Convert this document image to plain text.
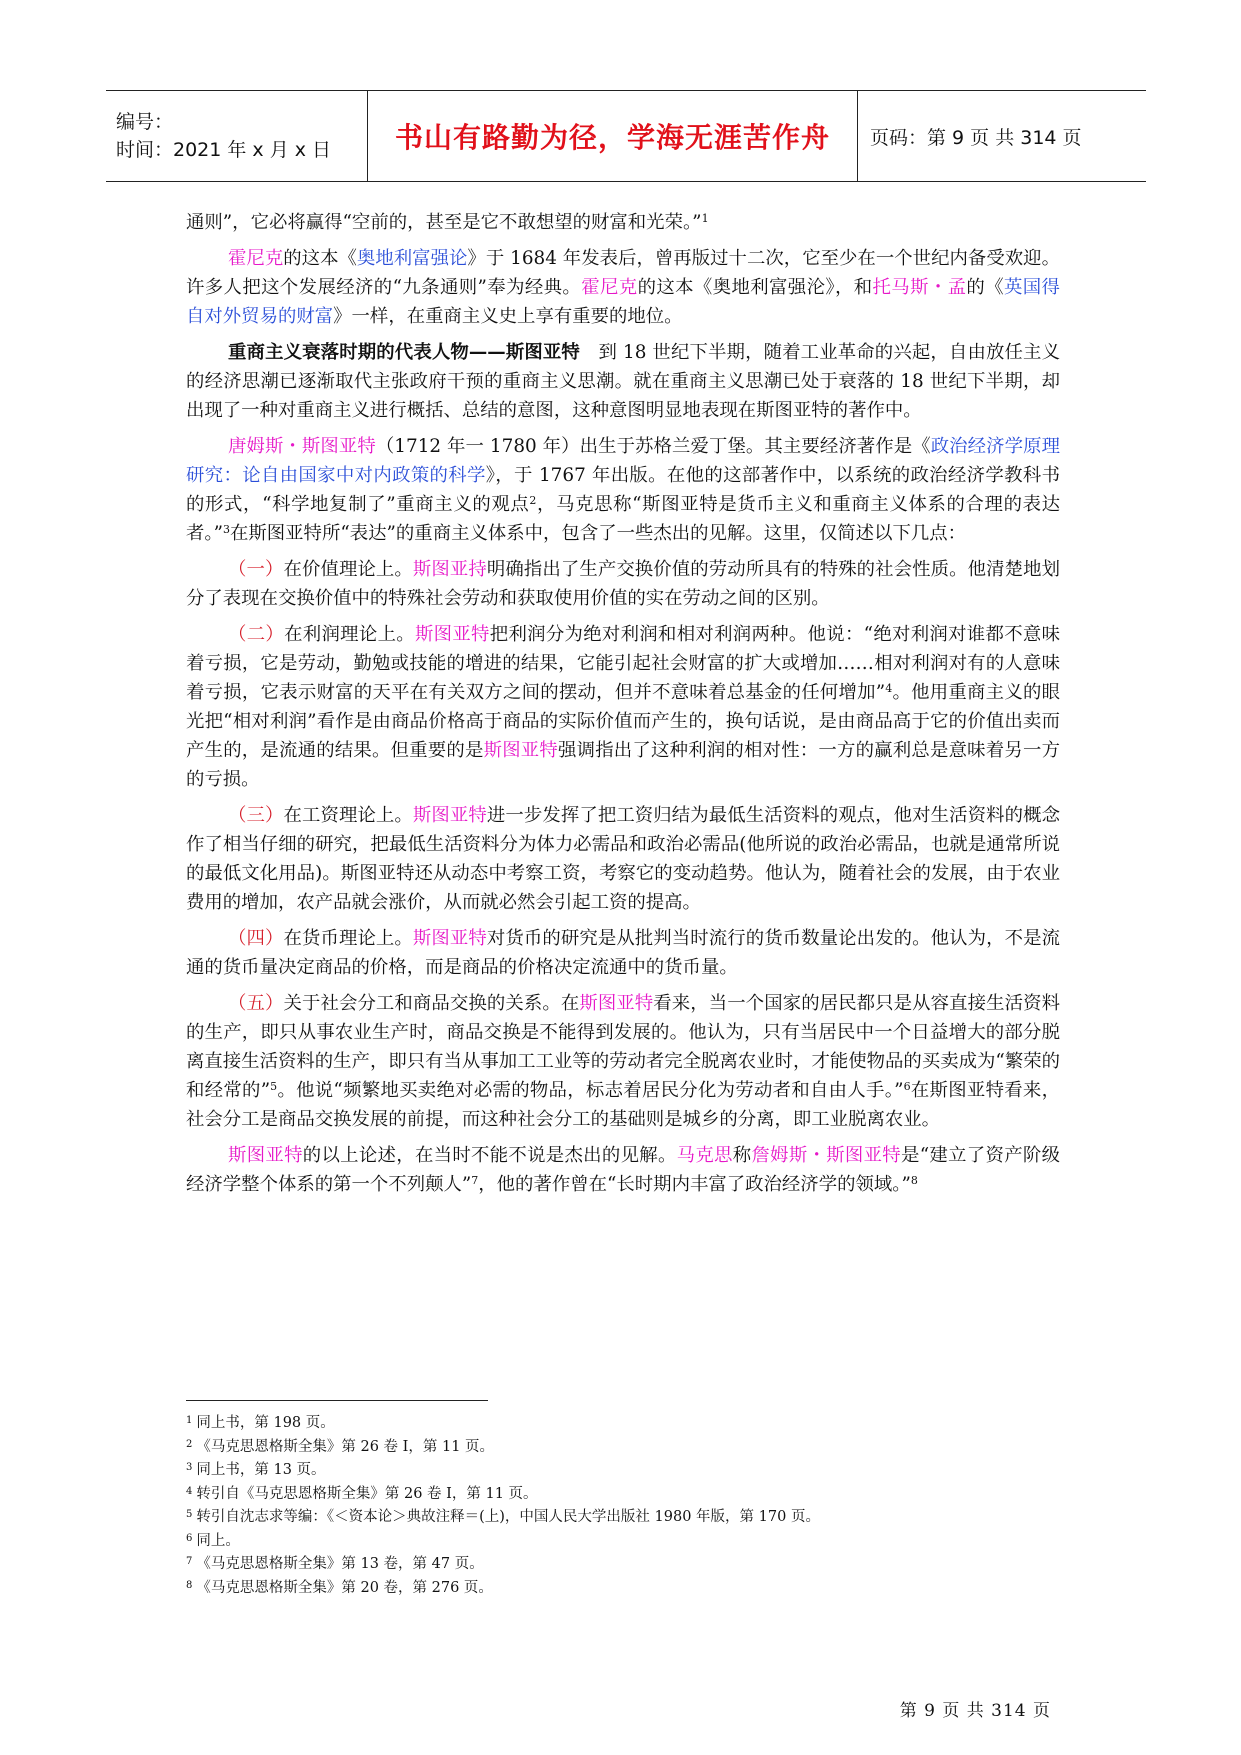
编号：
时间：2021 年 x 月 x 日	书山有路勤为径，学海无涯苦作舟 页码：第 9 页 共 314 页

通则”，它必将赢得“空前的，甚至是它不敢想望的财富和光荣。”$^1$

霍尼克的这本《奥地利富强论》于 1684 年发表后，曾再版过十二次，它至少在一个世纪内备受欢迎。许多人把这个发展经济的“九条通则”奉为经典。霍尼克的这本《奥地利富强沦》，和托马斯・孟的《英国得自对外贸易的财富》一样，在重商主义史上享有重要的地位。

重商主义衰落时期的代表人物——斯图亚特　到 18 世纪下半期，随着工业革命的兴起，自由放任主义的经济思潮已逐渐取代主张政府干预的重商主义思潮。就在重商主义思潮已处于衰落的 18 世纪下半期，却出现了一种对重商主义进行概括、总结的意图，这种意图明显地表现在斯图亚特的著作中。

唐姆斯・斯图亚特（1712 年一 1780 年）出生于苏格兰爱丁堡。其主要经济著作是《政治经济学原理研究：论自由国家中对内政策的科学》，于 1767 年出版。在他的这部著作中，以系统的政治经济学教科书的形式，“科学地复制了”重商主义的观点$^2$，马克思称“斯图亚特是货币主义和重商主义体系的合理的表达者。”$^3$在斯图亚特所“表达”的重商主义体系中，包含了一些杰出的见解。这里，仅简述以下几点：

（一）在价值理论上。斯图亚持明确指出了生产交换价值的劳动所具有的特殊的社会性质。他清楚地划分了表现在交换价值中的特殊社会劳动和获取使用价值的实在劳动之间的区别。

（二）在利润理论上。斯图亚特把利润分为绝对利润和相对利润两种。他说：“绝对利润对谁都不意味着亏损，它是劳动，勤勉或技能的增进的结果，它能引起社会财富的扩大或增加……相对利润对有的人意味着亏损，它表示财富的天平在有关双方之间的摆动，但并不意味着总基金的任何增加”$^4$。他用重商主义的眼光把“相对利润”看作是由商品价格高于商品的实际价值而产生的，换句话说，是由商品高于它的价值出卖而产生的，是流通的结果。但重要的是斯图亚特强调指出了这种利润的相对性：一方的赢利总是意味着另一方的亏损。

（三）在工资理论上。斯图亚特进一步发挥了把工资归结为最低生活资料的观点，他对生活资料的概念作了相当仔细的研究，把最低生活资料分为体力必需品和政治必需品(他所说的政治必需品，也就是通常所说的最低文化用品)。斯图亚特还从动态中考察工资，考察它的变动趋势。他认为，随着社会的发展，由于农业费用的增加，农产品就会涨价，从而就必然会引起工资的提高。

（四）在货币理论上。斯图亚特对货币的研究是从批判当时流行的货币数量论出发的。他认为，不是流通的货币量决定商品的价格，而是商品的价格决定流通中的货币量。

（五）关于社会分工和商品交换的关系。在斯图亚特看来，当一个国家的居民都只是从容直接生活资料的生产，即只从事农业生产时，商品交换是不能得到发展的。他认为，只有当居民中一个日益增大的部分脱离直接生活资料的生产，即只有当从事加工工业等的劳动者完全脱离农业时，才能使物品的买卖成为“繁荣的和经常的”$^5$。他说“频繁地买卖绝对必需的物品，标志着居民分化为劳动者和自由人手。”$^6$在斯图亚特看来，社会分工是商品交换发展的前提，而这种社会分工的基础则是城乡的分离，即工业脱离农业。

斯图亚特的以上论述，在当时不能不说是杰出的见解。马克思称詹姆斯・斯图亚特是“建立了资产阶级经济学整个体系的第一个不列颠人”$^7$，他的著作曾在“长时期内丰富了政治经济学的领域。”$^8$

$^1$ 同上书，第 198 页。
$^2$ 《马克思恩格斯全集》第 26 卷 I，第 11 页。
$^3$ 同上书，第 13 页。
$^4$ 转引自《马克思恩格斯全集》第 26 卷 I，第 11 页。
$^5$ 转引自沈志求等编：《＜资本论＞典故注释＝(上)，中国人民大学出版社 1980 年版，第 170 页。
$^6$ 同上。
$^7$ 《马克思恩格斯全集》第 13 卷，第 47 页。
$^8$ 《马克思恩格斯全集》第 20 卷，第 276 页。
第 9 页 共 314 页
